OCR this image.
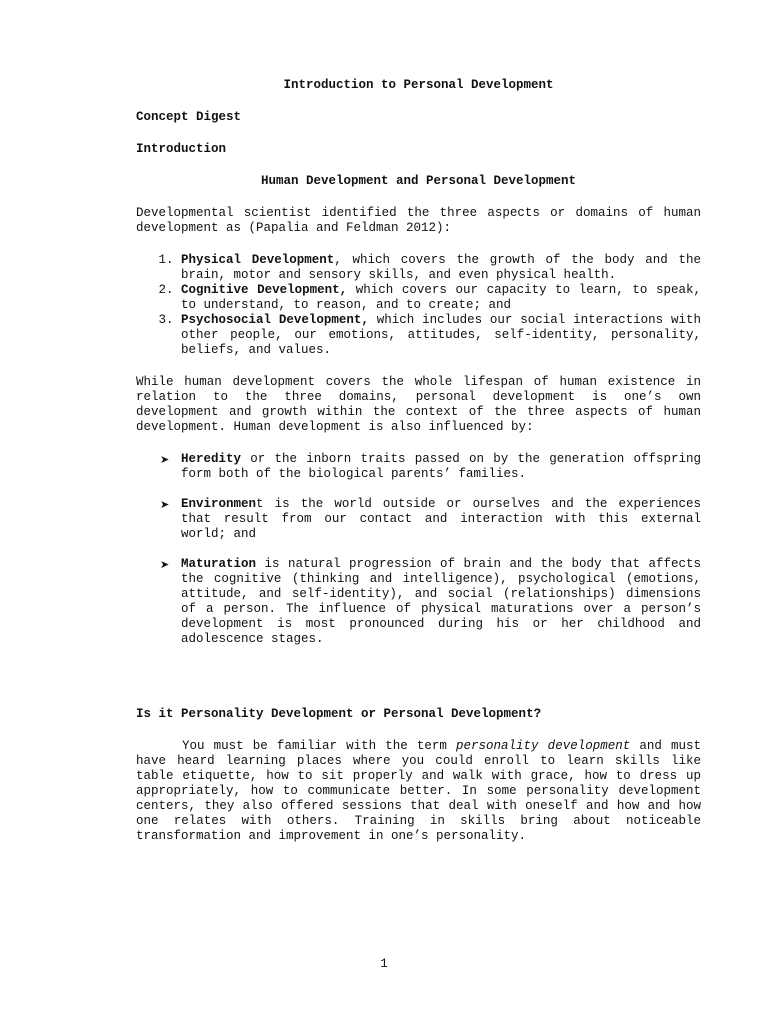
Introduction to Personal Development
Concept Digest
Introduction
Human Development and Personal Development
Developmental scientist identified the three aspects or domains of human development as (Papalia and Feldman 2012):
1. Physical Development, which covers the growth of the body and the brain, motor and sensory skills, and even physical health.
2. Cognitive Development, which covers our capacity to learn, to speak, to understand, to reason, and to create; and
3. Psychosocial Development, which includes our social interactions with other people, our emotions, attitudes, self-identity, personality, beliefs, and values.
While human development covers the whole lifespan of human existence in relation to the three domains, personal development is one’s own development and growth within the context of the three aspects of human development. Human development is also influenced by:
➤ Heredity or the inborn traits passed on by the generation offspring form both of the biological parents’ families.
➤ Environment is the world outside or ourselves and the experiences that result from our contact and interaction with this external world; and
➤ Maturation is natural progression of brain and the body that affects the cognitive (thinking and intelligence), psychological (emotions, attitude, and self-identity), and social (relationships) dimensions of a person. The influence of physical maturations over a person’s development is most pronounced during his or her childhood and adolescence stages.
Is it Personality Development or Personal Development?
You must be familiar with the term personality development and must have heard learning places where you could enroll to learn skills like table etiquette, how to sit properly and walk with grace, how to dress up appropriately, how to communicate better. In some personality development centers, they also offered sessions that deal with oneself and how and how one relates with others. Training in skills bring about noticeable transformation and improvement in one’s personality.
1
